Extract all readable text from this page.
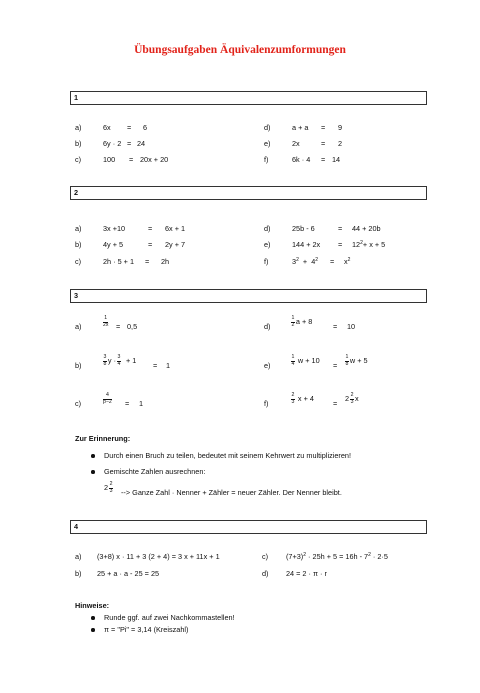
Übungsaufgaben Äquivalenzumformungen
1
a)	6x = 6
b)	6y · 2 = 24
c)	100 = 20x + 20
d)	a + a = 9
e)	2x	= 2
f)	6k · 4 = 14
2
a)	3x +10	= 6x + 1
b)	4y + 5	= 2y + 7
c)	2h · 5 + 1 = 2h
d)	25b - 6	= 44 + 20b
e)	$144 + 2x = 12^2+ x + 5$
f)	$3^2 + 4^2 = x^2$
3
a)	$\frac{1}{2x} = 0,5$
b)	$\frac{3}{8}$ $y \cdot \frac{3}{4} + 1$
= 1
c)	$\frac{4}{p-2} = 1$
d)	$\frac{1}{2}$ a + 8
= 10
e)	$\frac{1}{4}$ w + 10
= $\frac{1}{8}$ w + 5
f)	$\frac{2}{3}$ x + 4
=
$2 \frac{2}{3}$ x
Zur Erinnerung:
Durch einen Bruch zu teilen, bedeutet mit seinem Kehrwert zu multiplizieren!
Gemischte Zahlen ausrechnen:
$2 \frac{2}{3}$ --> Ganze Zahl · Nenner + Zähler = neuer Zähler. Der Nenner bleibt.
4
a) (3+8) x · 11 + 3 (2 + 4) = 3 x + 11x + 1
b) 25 + a · a - 25 = 25
c) $(7+3)^2 \cdot 25h + 5 = 16h - 7^2 \cdot 2\cdot 5$
d) 24 = 2 · π · r
Hinweise:
Runde ggf. auf zwei Nachkommastellen!
π = "Pi" = 3,14 (Kreiszahl)
